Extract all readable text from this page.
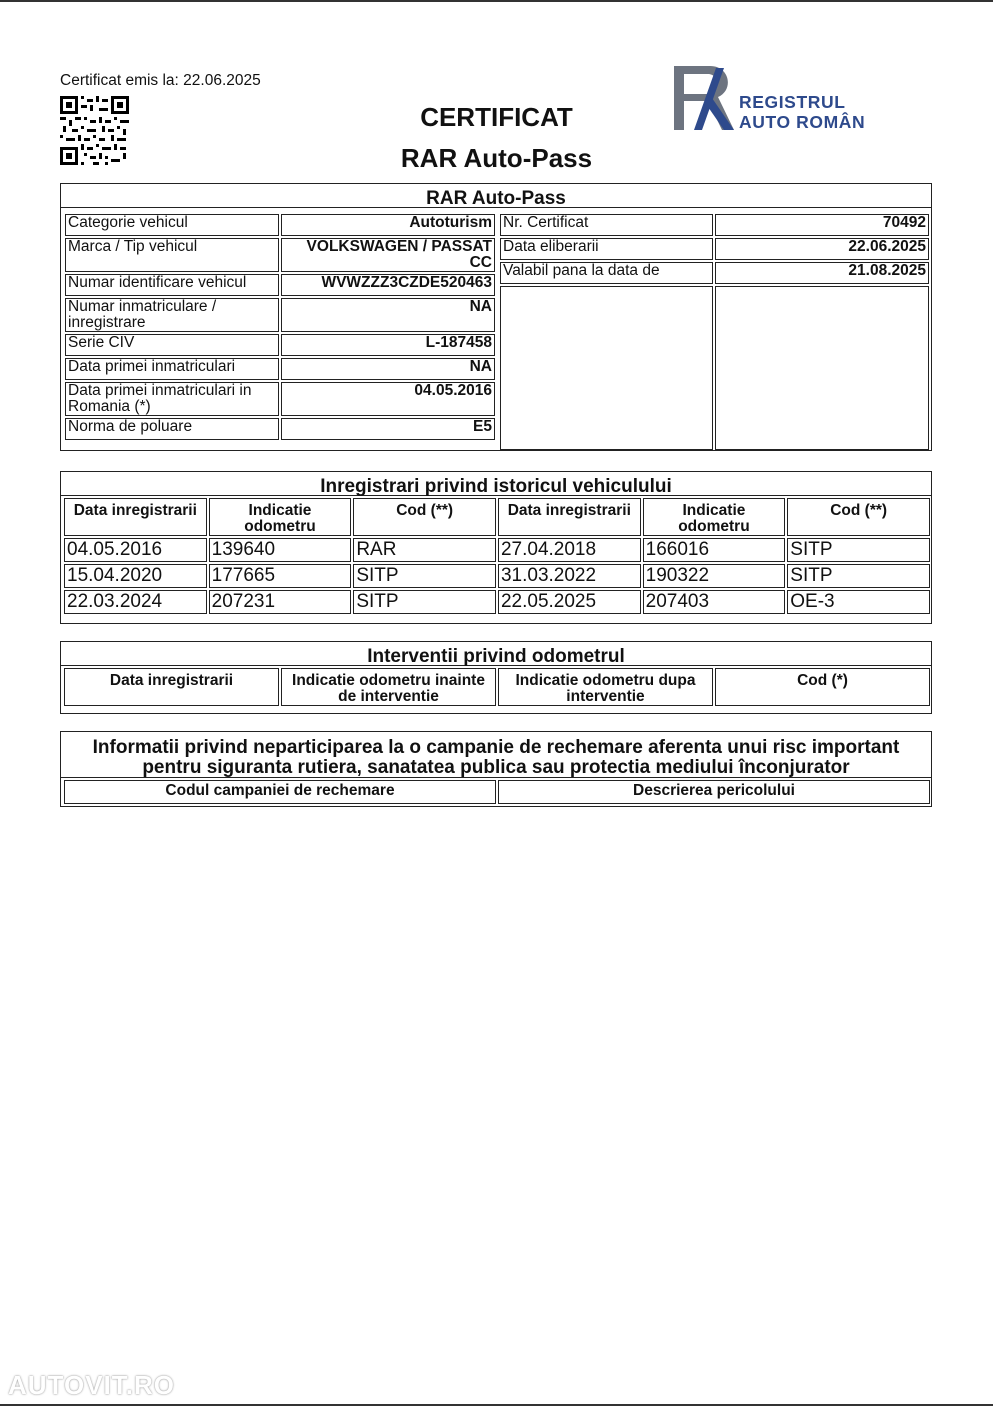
Certificat emis la: 22.06.2025
CERTIFICAT
RAR Auto-Pass
REGISTRUL
AUTO ROMÂN
RAR Auto-Pass
Categorie vehicul	Autoturism
Marca / Tip vehicul	VOLKSWAGEN / PASSAT CC
Numar identificare vehicul	WVWZZZ3CZDE520463
Numar inmatriculare / inregistrare	NA
Serie CIV	L-187458
Data primei inmatriculari	NA
Data primei inmatriculari in Romania (*)	04.05.2016
Norma de poluare	E5
Nr. Certificat	70492
Data eliberarii	22.06.2025
Valabil pana la data de	21.08.2025

Inregistrari privind istoricul vehiculului
Data inregistrarii	Indicatie odometru	Cod (**)	Data inregistrarii	Indicatie odometru	Cod (**)
04.05.2016	139640	RAR	27.04.2018	166016	SITP
15.04.2020	177665	SITP	31.03.2022	190322	SITP
22.03.2024	207231	SITP	22.05.2025	207403	OE-3
Interventii privind odometrul
Data inregistrarii	Indicatie odometru inainte de interventie	Indicatie odometru dupa interventie	Cod (*)
Informatii privind neparticiparea la o campanie de rechemare aferenta unui risc important pentru siguranta rutiera, sanatatea publica sau protectia mediului înconjurator
Codul campaniei de rechemare	Descrierea pericolului
AUTOVIT.RO
